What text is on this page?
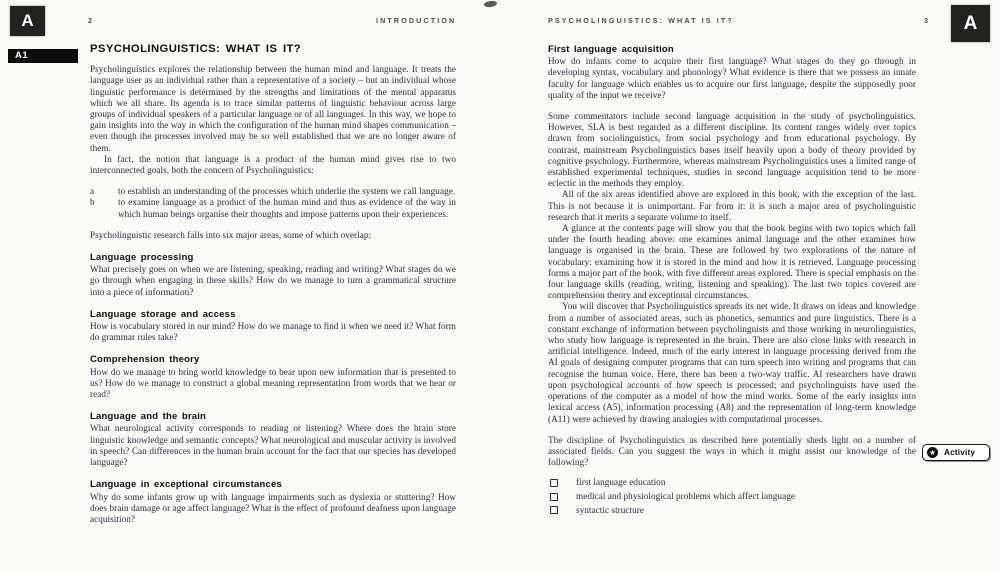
A	2	INTRODUCTION
A1
PSYCHOLINGUISTICS: WHAT IS IT?	3	A
PSYCHOLINGUISTICS: WHAT IS IT?

Psycholinguistics explores the relationship between the human mind and language. It treats the language user as an individual rather than a representative of a society – but an individual whose linguistic performance is determined by the strengths and limitations of the mental apparatus which we all share. Its agenda is to trace similar patterns of linguistic behaviour across large groups of individual speakers of a particular language or of all languages. In this way, we hope to gain insights into the way in which the configuration of the human mind shapes communication – even though the processes involved may be so well established that we are no longer aware of them.

In fact, the notion that language is a product of the human mind gives rise to two interconnected goals, both the concern of Psycholinguistics:

a	to establish an understanding of the processes which underlie the system we call language.

b	to examine language as a product of the human mind and thus as evidence of the way in which human beings organise their thoughts and impose patterns upon their experiences.

Psycholinguistic research falls into six major areas, some of which overlap:

Language processing

What precisely goes on when we are listening, speaking, reading and writing? What stages do we go through when engaging in these skills? How do we manage to turn a grammatical structure into a piece of information?

Language storage and access

How is vocabulary stored in our mind? How do we manage to find it when we need it? What form do grammar rules take?

Comprehension theory

How do we manage to bring world knowledge to bear upon new information that is presented to us? How do we manage to construct a global meaning representation from words that we hear or read?

Language and the brain

What neurological activity corresponds to reading or listening? Where does the brain store linguistic knowledge and semantic concepts? What neurological and muscular activity is involved in speech? Can differences in the human brain account for the fact that our species has developed language?

Language in exceptional circumstances

Why do some infants grow up with language impairments such as dyslexia or stuttering? How does brain damage or age affect language? What is the effect of profound deafness upon language acquisition?

First language acquisition

How do infants come to acquire their first language? What stages do they go through in developing syntax, vocabulary and phonology? What evidence is there that we possess an innate faculty for language which enables us to acquire our first language, despite the supposedly poor quality of the input we receive?

Some commentators include second language acquisition in the study of psycholinguistics. However, SLA is best regarded as a different discipline. Its content ranges widely over topics drawn from sociolinguistics, from social psychology and from educational psychology. By contrast, mainstream Psycholinguistics bases itself heavily upon a body of theory provided by cognitive psychology. Furthermore, whereas mainstream Psycholinguistics uses a limited range of established experimental techniques, studies in second language acquisition tend to be more eclectic in the methods they employ.

All of the six areas identified above are explored in this book, with the exception of the last. This is not because it is unimportant. Far from it: it is such a major area of psycholinguistic research that it merits a separate volume to itself.

A glance at the contents page will show you that the book begins with two topics which fall under the fourth heading above: one examines animal language and the other examines how language is organised in the brain. These are followed by two explorations of the nature of vocabulary: examining how it is stored in the mind and how it is retrieved. Language processing forms a major part of the book, with five different areas explored. There is special emphasis on the four language skills (reading, writing, listening and speaking). The last two topics covered are comprehension theory and exceptional circumstances.

You will discover that Psycholinguistics spreads its net wide. It draws on ideas and knowledge from a number of associated areas, such as phonetics, semantics and pure linguistics. There is a constant exchange of information between psycholinguists and those working in neurolinguistics, who study how language is represented in the brain. There are also close links with research in artificial intelligence. Indeed, much of the early interest in language processing derived from the AI goals of designing computer programs that can turn speech into writing and programs that can recognise the human voice. Here, there has been a two-way traffic. AI researchers have drawn upon psychological accounts of how speech is processed; and psycholinguists have used the operations of the computer as a model of how the mind works. Some of the early insights into lexical access (A5), information processing (A8) and the representation of long-term knowledge (A11) were achieved by drawing analogies with computational processes.

The discipline of Psycholinguistics as described here potentially sheds light on a number of associated fields. Can you suggest the ways in which it might assist our knowledge of the following?

first language education
medical and physiological problems which affect language
syntactic structure
★ Activity
